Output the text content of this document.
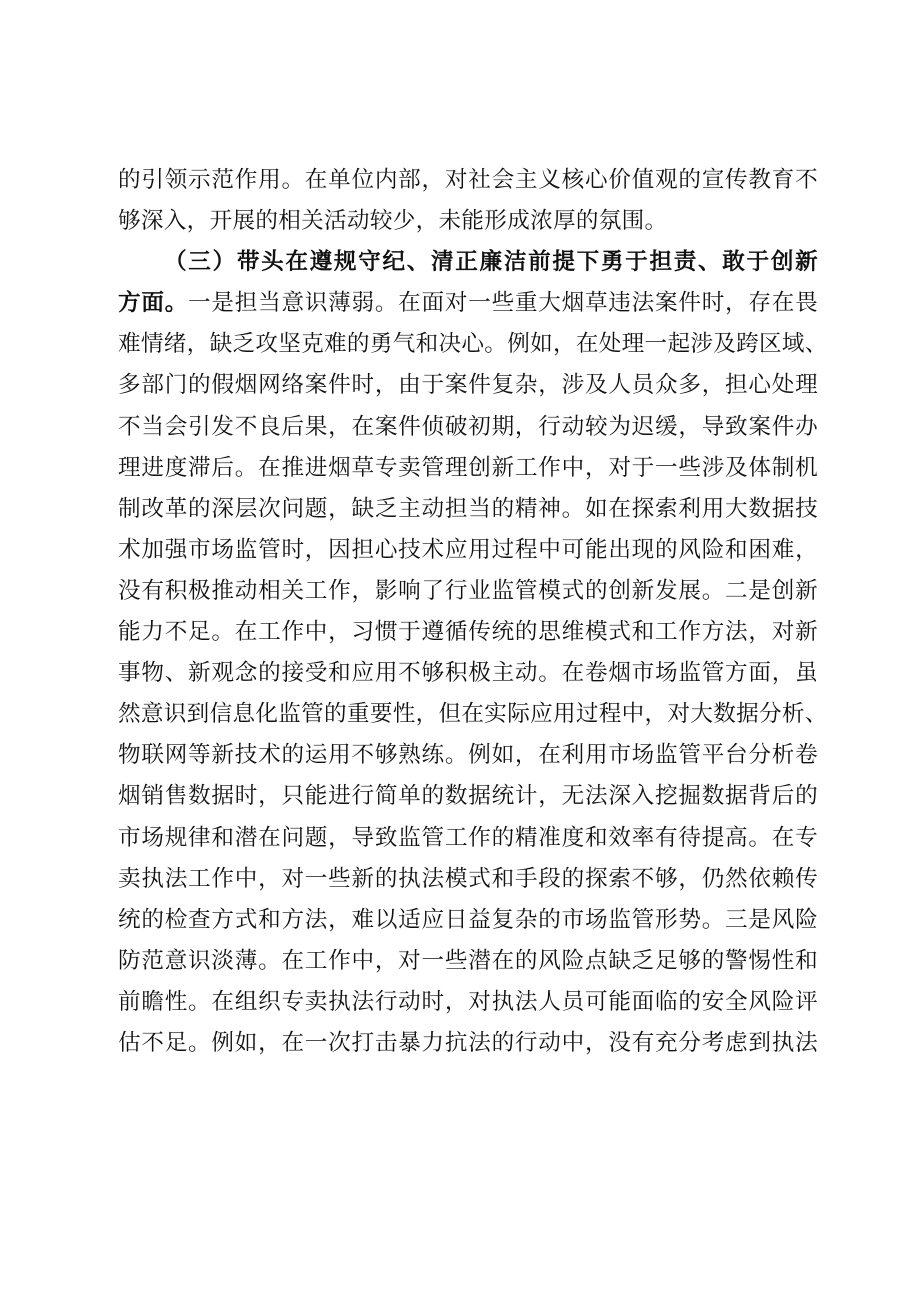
的引领示范作用。在单位内部，对社会主义核心价值观的宣传教育不
够深入，开展的相关活动较少，未能形成浓厚的氛围。
（三）带头在遵规守纪、清正廉洁前提下勇于担责、敢于创新
方面。一是担当意识薄弱。在面对一些重大烟草违法案件时，存在畏
难情绪，缺乏攻坚克难的勇气和决心。例如，在处理一起涉及跨区域、
多部门的假烟网络案件时，由于案件复杂，涉及人员众多，担心处理
不当会引发不良后果，在案件侦破初期，行动较为迟缓，导致案件办
理进度滞后。在推进烟草专卖管理创新工作中，对于一些涉及体制机
制改革的深层次问题，缺乏主动担当的精神。如在探索利用大数据技
术加强市场监管时，因担心技术应用过程中可能出现的风险和困难，
没有积极推动相关工作，影响了行业监管模式的创新发展。二是创新
能力不足。在工作中，习惯于遵循传统的思维模式和工作方法，对新
事物、新观念的接受和应用不够积极主动。在卷烟市场监管方面，虽
然意识到信息化监管的重要性，但在实际应用过程中，对大数据分析、
物联网等新技术的运用不够熟练。例如，在利用市场监管平台分析卷
烟销售数据时，只能进行简单的数据统计，无法深入挖掘数据背后的
市场规律和潜在问题，导致监管工作的精准度和效率有待提高。在专
卖执法工作中，对一些新的执法模式和手段的探索不够，仍然依赖传
统的检查方式和方法，难以适应日益复杂的市场监管形势。三是风险
防范意识淡薄。在工作中，对一些潜在的风险点缺乏足够的警惕性和
前瞻性。在组织专卖执法行动时，对执法人员可能面临的安全风险评
估不足。例如，在一次打击暴力抗法的行动中，没有充分考虑到执法
